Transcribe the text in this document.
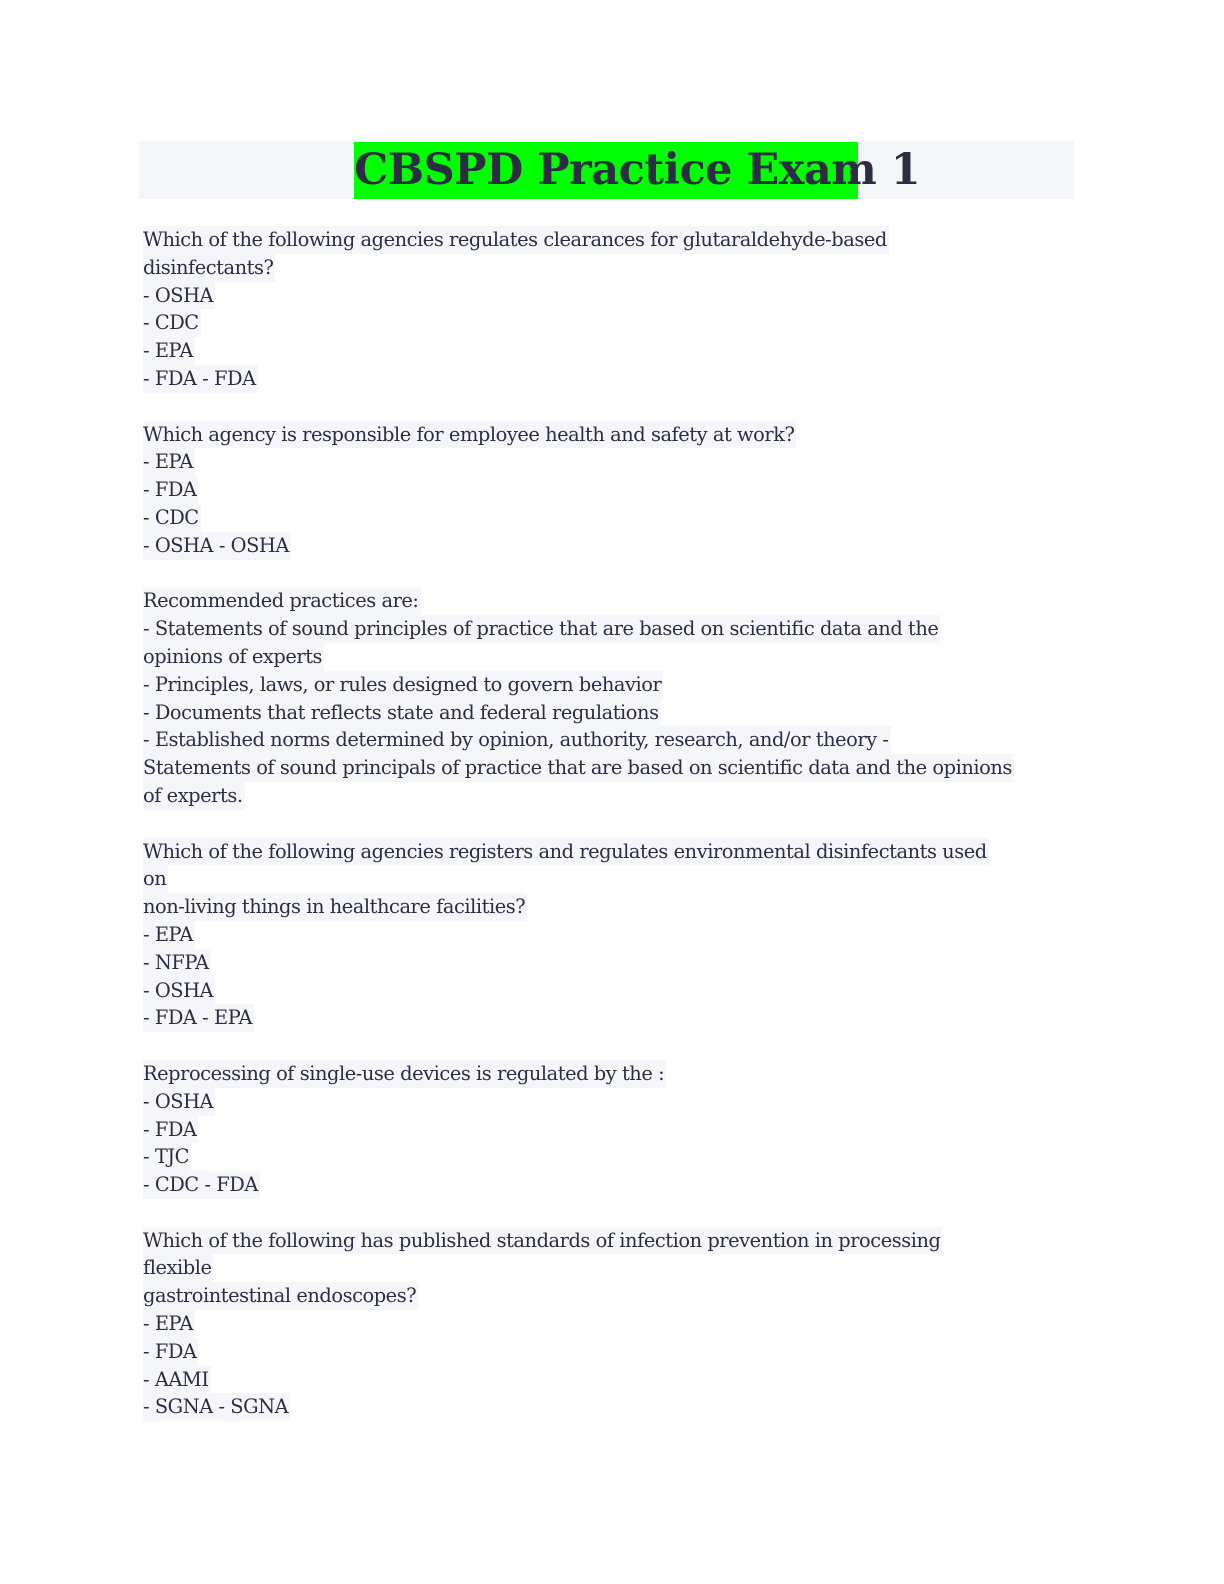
CBSPD Practice Exam 1
Which of the following agencies regulates clearances for glutaraldehyde-based
disinfectants?
- OSHA
- CDC
- EPA
- FDA - FDA
Which agency is responsible for employee health and safety at work?
- EPA
- FDA
- CDC
- OSHA - OSHA
Recommended practices are:
- Statements of sound principles of practice that are based on scientific data and the
opinions of experts
- Principles, laws, or rules designed to govern behavior
- Documents that reflects state and federal regulations
- Established norms determined by opinion, authority, research, and/or theory -
Statements of sound principals of practice that are based on scientific data and the opinions
of experts.
Which of the following agencies registers and regulates environmental disinfectants used
on
non-living things in healthcare facilities?
- EPA
- NFPA
- OSHA
- FDA - EPA
Reprocessing of single-use devices is regulated by the :
- OSHA
- FDA
- TJC
- CDC - FDA
Which of the following has published standards of infection prevention in processing
flexible
gastrointestinal endoscopes?
- EPA
- FDA
- AAMI
- SGNA - SGNA
